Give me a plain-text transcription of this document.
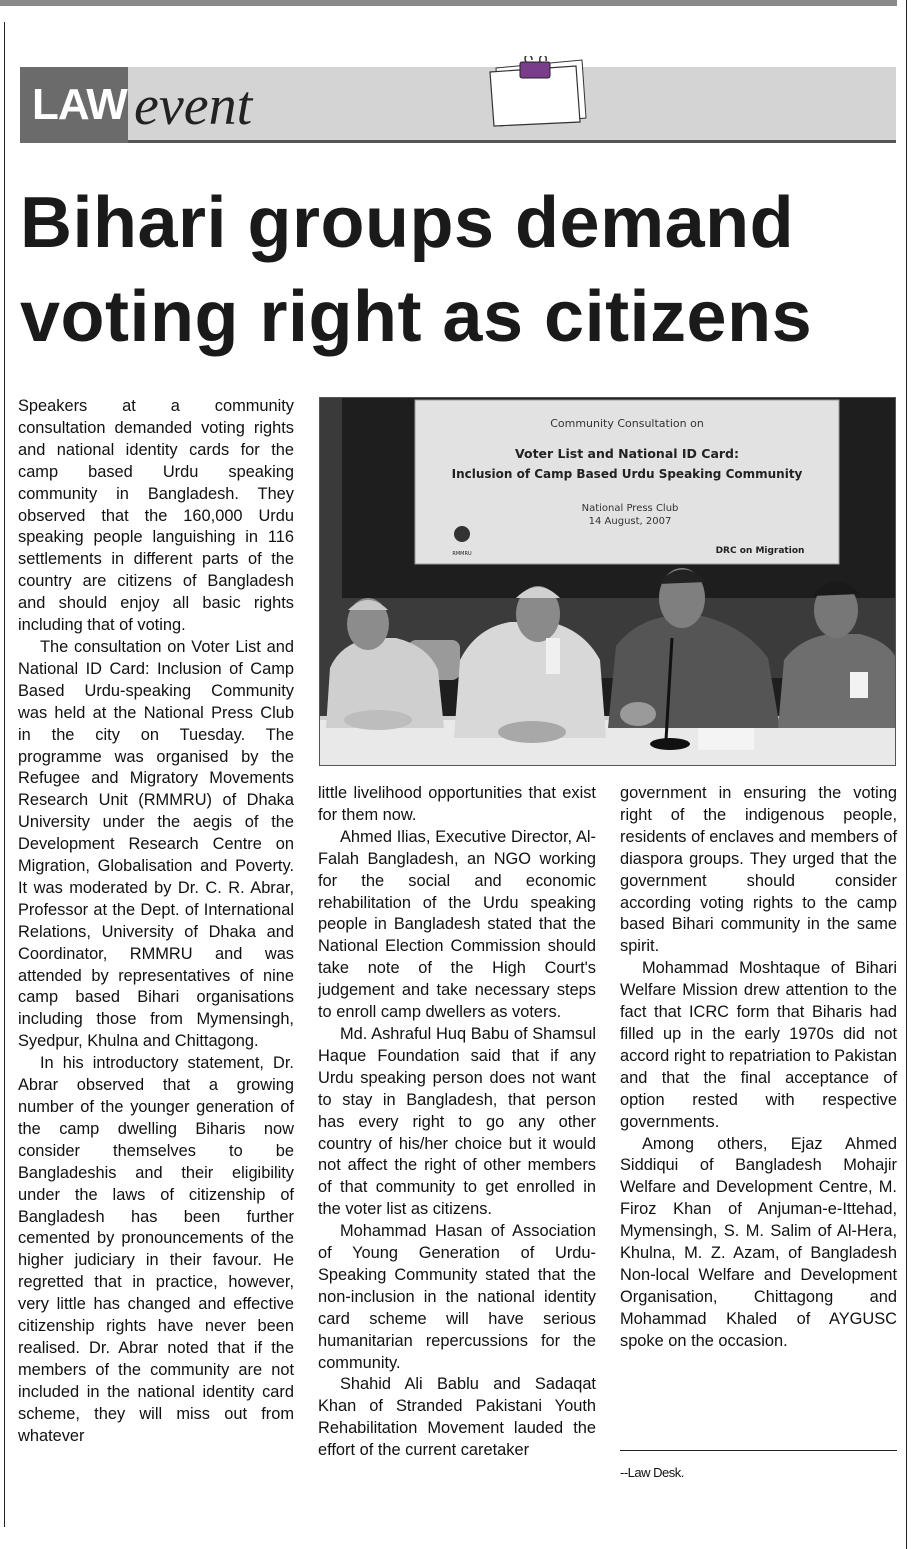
LAW event
Bihari groups demand
voting right as citizens

Speakers at a community consultation demanded voting rights and national identity cards for the camp based Urdu speaking community in Bangladesh. They observed that the 160,000 Urdu speaking people languishing in 116 settlements in different parts of the country are citizens of Bangladesh and should enjoy all basic rights including that of voting.

The consultation on Voter List and National ID Card: Inclusion of Camp Based Urdu-speaking Community was held at the National Press Club in the city on Tuesday. The programme was organised by the Refugee and Migratory Movements Research Unit (RMMRU) of Dhaka University under the aegis of the Development Research Centre on Migration, Globalisation and Poverty. It was moderated by Dr. C. R. Abrar, Professor at the Dept. of International Relations, University of Dhaka and Coordinator, RMMRU and was attended by representatives of nine camp based Bihari organisations including those from Mymensingh, Syedpur, Khulna and Chittagong.

In his introductory statement, Dr. Abrar observed that a growing number of the younger generation of the camp dwelling Biharis now consider themselves to be Bangladeshis and their eligibility under the laws of citizenship of Bangladesh has been further cemented by pronouncements of the higher judiciary in their favour. He regretted that in practice, however, very little has changed and effective citizenship rights have never been realised. Dr. Abrar noted that if the members of the community are not included in the national identity card scheme, they will miss out from whatever

Community Consultation on
Voter List and National ID Card:
Inclusion of Camp Based Urdu Speaking Community
National Press Club
14 August, 2007
RMMRU	DRC on Migration

little livelihood opportunities that exist for them now.

Ahmed Ilias, Executive Director, Al-Falah Bangladesh, an NGO working for the social and economic rehabilitation of the Urdu speaking people in Bangladesh stated that the National Election Commission should take note of the High Court's judgement and take necessary steps to enroll camp dwellers as voters.

Md. Ashraful Huq Babu of Shamsul Haque Foundation said that if any Urdu speaking person does not want to stay in Bangladesh, that person has every right to go any other country of his/her choice but it would not affect the right of other members of that community to get enrolled in the voter list as citizens.

Mohammad Hasan of Association of Young Generation of Urdu-Speaking Community stated that the non-inclusion in the national identity card scheme will have serious humanitarian repercussions for the community.

Shahid Ali Bablu and Sadaqat Khan of Stranded Pakistani Youth Rehabilitation Movement lauded the effort of the current caretaker

government in ensuring the voting right of the indigenous people, residents of enclaves and members of diaspora groups. They urged that the government should consider according voting rights to the camp based Bihari community in the same spirit.

Mohammad Moshtaque of Bihari Welfare Mission drew attention to the fact that ICRC form that Biharis had filled up in the early 1970s did not accord right to repatriation to Pakistan and that the final acceptance of option rested with respective governments.

Among others, Ejaz Ahmed Siddiqui of Bangladesh Mohajir Welfare and Development Centre, M. Firoz Khan of Anjuman-e-Ittehad, Mymensingh, S. M. Salim of Al-Hera, Khulna, M. Z. Azam, of Bangladesh Non-local Welfare and Development Organisation, Chittagong and Mohammad Khaled of AYGUSC spoke on the occasion.

--Law Desk.
